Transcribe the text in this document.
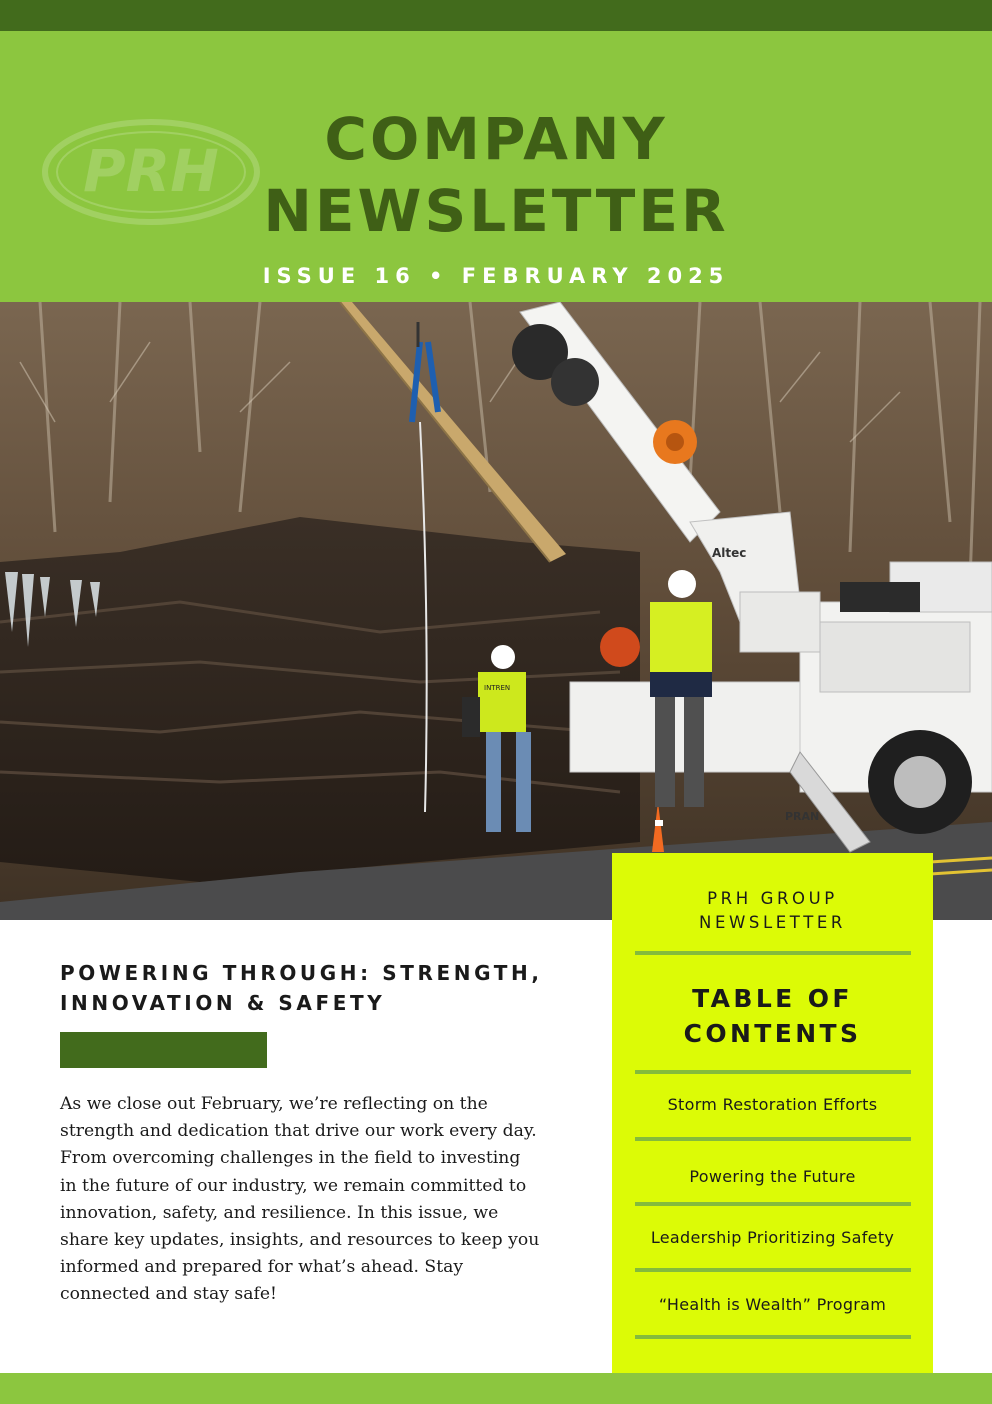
PRH	COMPANY
NEWSLETTER
ISSUE 16 • FEBRUARY 2025
Altec
PRAN
INTREN
POWERING THROUGH: STRENGTH,
INNOVATION & SAFETY

As we close out February, we’re reflecting on the
strength and dedication that drive our work every day.
From overcoming challenges in the field to investing
in the future of our industry, we remain committed to
innovation, safety, and resilience. In this issue, we
share key updates, insights, and resources to keep you
informed and prepared for what’s ahead. Stay
connected and stay safe!

PRH GROUP
NEWSLETTER
TABLE OF
CONTENTS
Storm Restoration Efforts
Powering the Future
Leadership Prioritizing Safety
“Health is Wealth” Program
